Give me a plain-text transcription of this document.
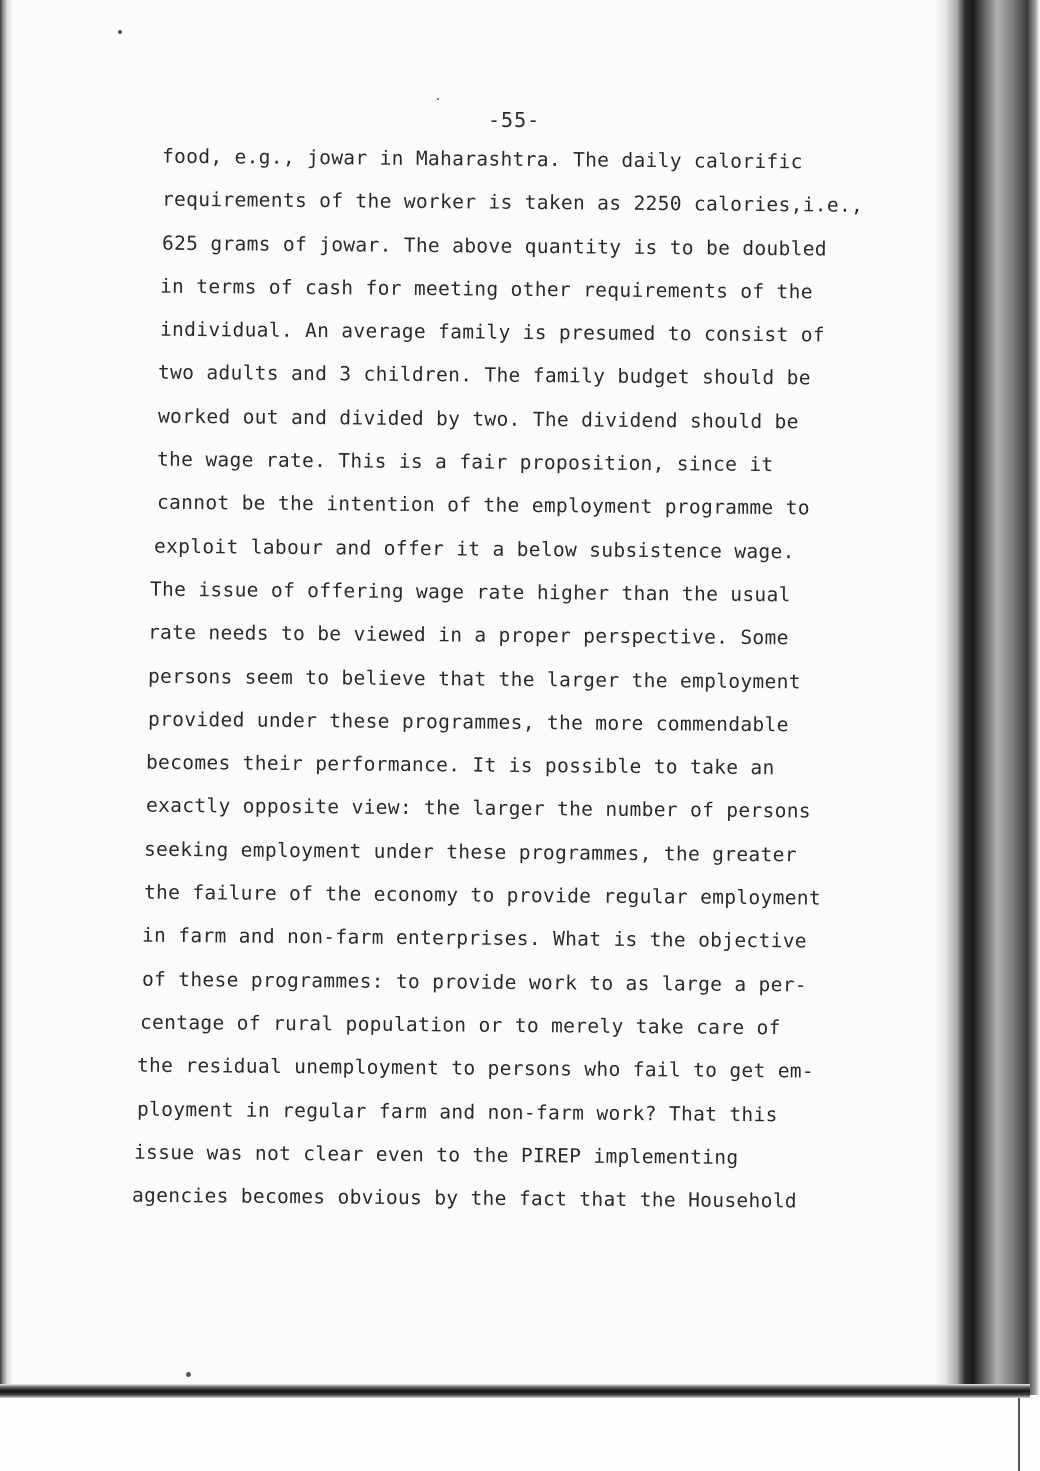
-55-
food, e.g., jowar in Maharashtra. The daily calorific
requirements of the worker is taken as 2250 calories,i.e.,
625 grams of jowar. The above quantity is to be doubled
in terms of cash for meeting other requirements of the
individual. An average family is presumed to consist of
two adults and 3 children. The family budget should be
worked out and divided by two. The dividend should be
the wage rate. This is a fair proposition, since it
cannot be the intention of the employment programme to
exploit labour and offer it a below subsistence wage.
The issue of offering wage rate higher than the usual
rate needs to be viewed in a proper perspective. Some
persons seem to believe that the larger the employment
provided under these programmes, the more commendable
becomes their performance. It is possible to take an
exactly opposite view: the larger the number of persons
seeking employment under these programmes, the greater
the failure of the economy to provide regular employment
in farm and non-farm enterprises. What is the objective
of these programmes: to provide work to as large a per-
centage of rural population or to merely take care of
the residual unemployment to persons who fail to get em-
ployment in regular farm and non-farm work? That this
issue was not clear even to the PIREP implementing
agencies becomes obvious by the fact that the Household
